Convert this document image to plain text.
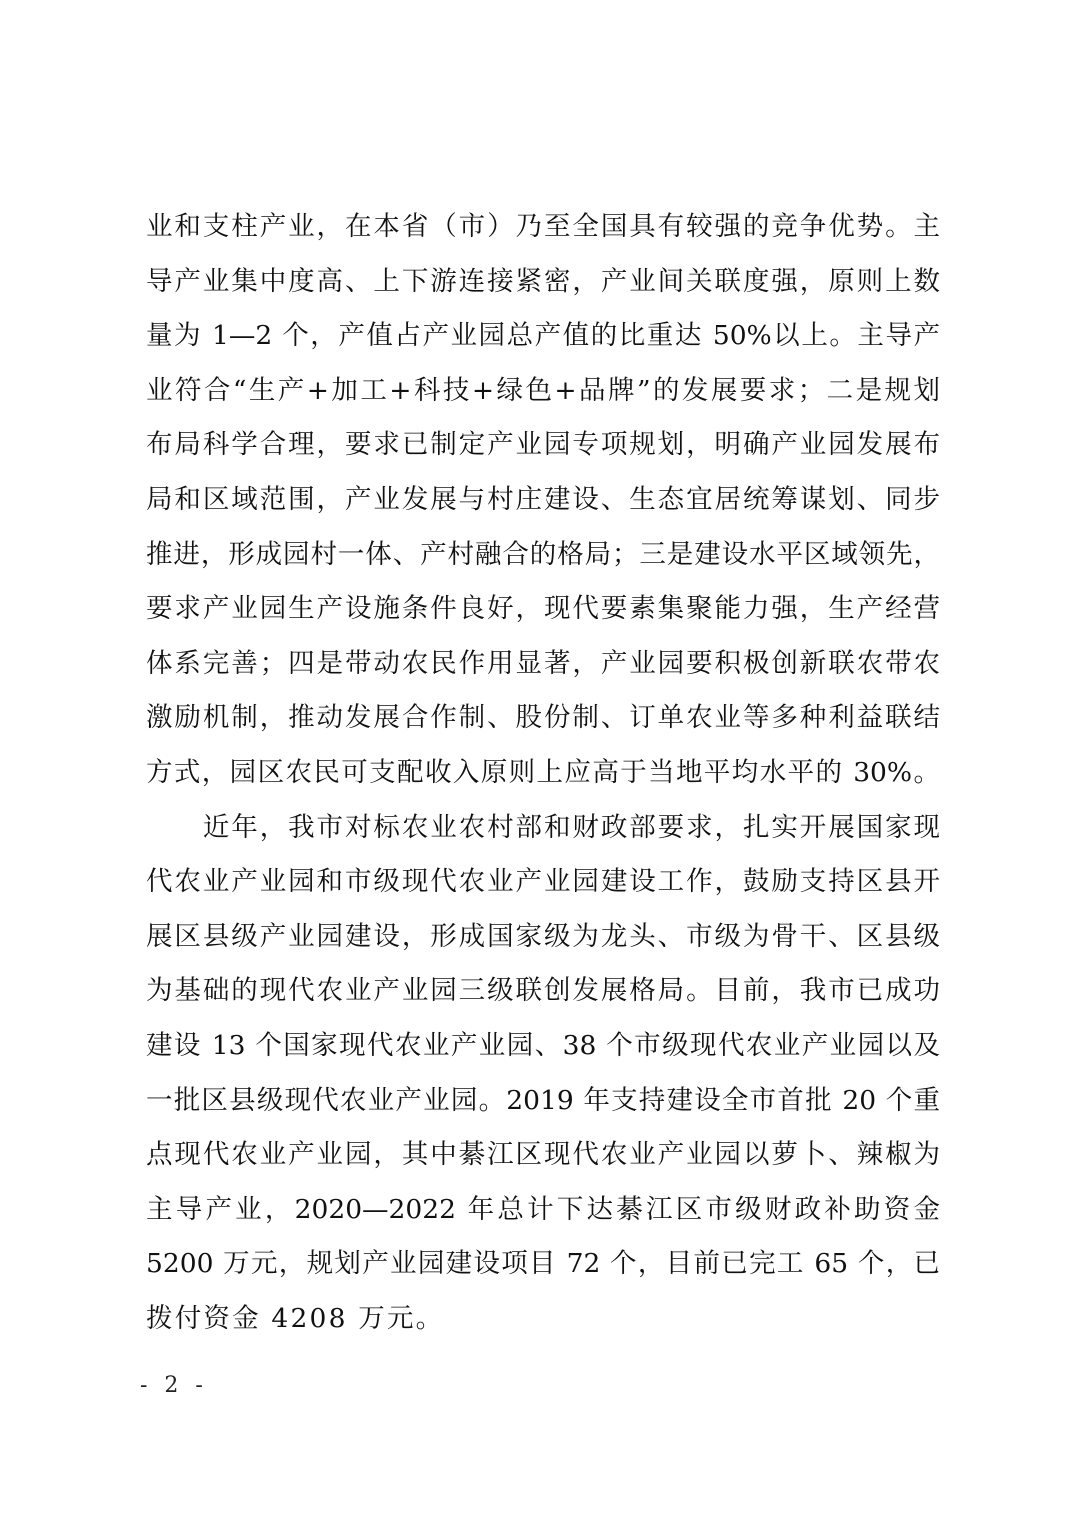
业和支柱产业，在本省（市）乃至全国具有较强的竞争优势。主
导产业集中度高、上下游连接紧密，产业间关联度强，原则上数
量为 1—2 个，产值占产业园总产值的比重达 50%以上。主导产
业符合“生产+加工+科技+绿色+品牌”的发展要求；二是规划
布局科学合理，要求已制定产业园专项规划，明确产业园发展布
局和区域范围，产业发展与村庄建设、生态宜居统筹谋划、同步
推进，形成园村一体、产村融合的格局；三是建设水平区域领先，
要求产业园生产设施条件良好，现代要素集聚能力强，生产经营
体系完善；四是带动农民作用显著，产业园要积极创新联农带农
激励机制，推动发展合作制、股份制、订单农业等多种利益联结
方式，园区农民可支配收入原则上应高于当地平均水平的 30%。
　　近年，我市对标农业农村部和财政部要求，扎实开展国家现
代农业产业园和市级现代农业产业园建设工作，鼓励支持区县开
展区县级产业园建设，形成国家级为龙头、市级为骨干、区县级
为基础的现代农业产业园三级联创发展格局。目前，我市已成功
建设 13 个国家现代农业产业园、38 个市级现代农业产业园以及
一批区县级现代农业产业园。2019 年支持建设全市首批 20 个重
点现代农业产业园，其中綦江区现代农业产业园以萝卜、辣椒为
主导产业，2020—2022 年总计下达綦江区市级财政补助资金
5200 万元，规划产业园建设项目 72 个，目前已完工 65 个，已
拨付资金 4208 万元。
- 2 -
